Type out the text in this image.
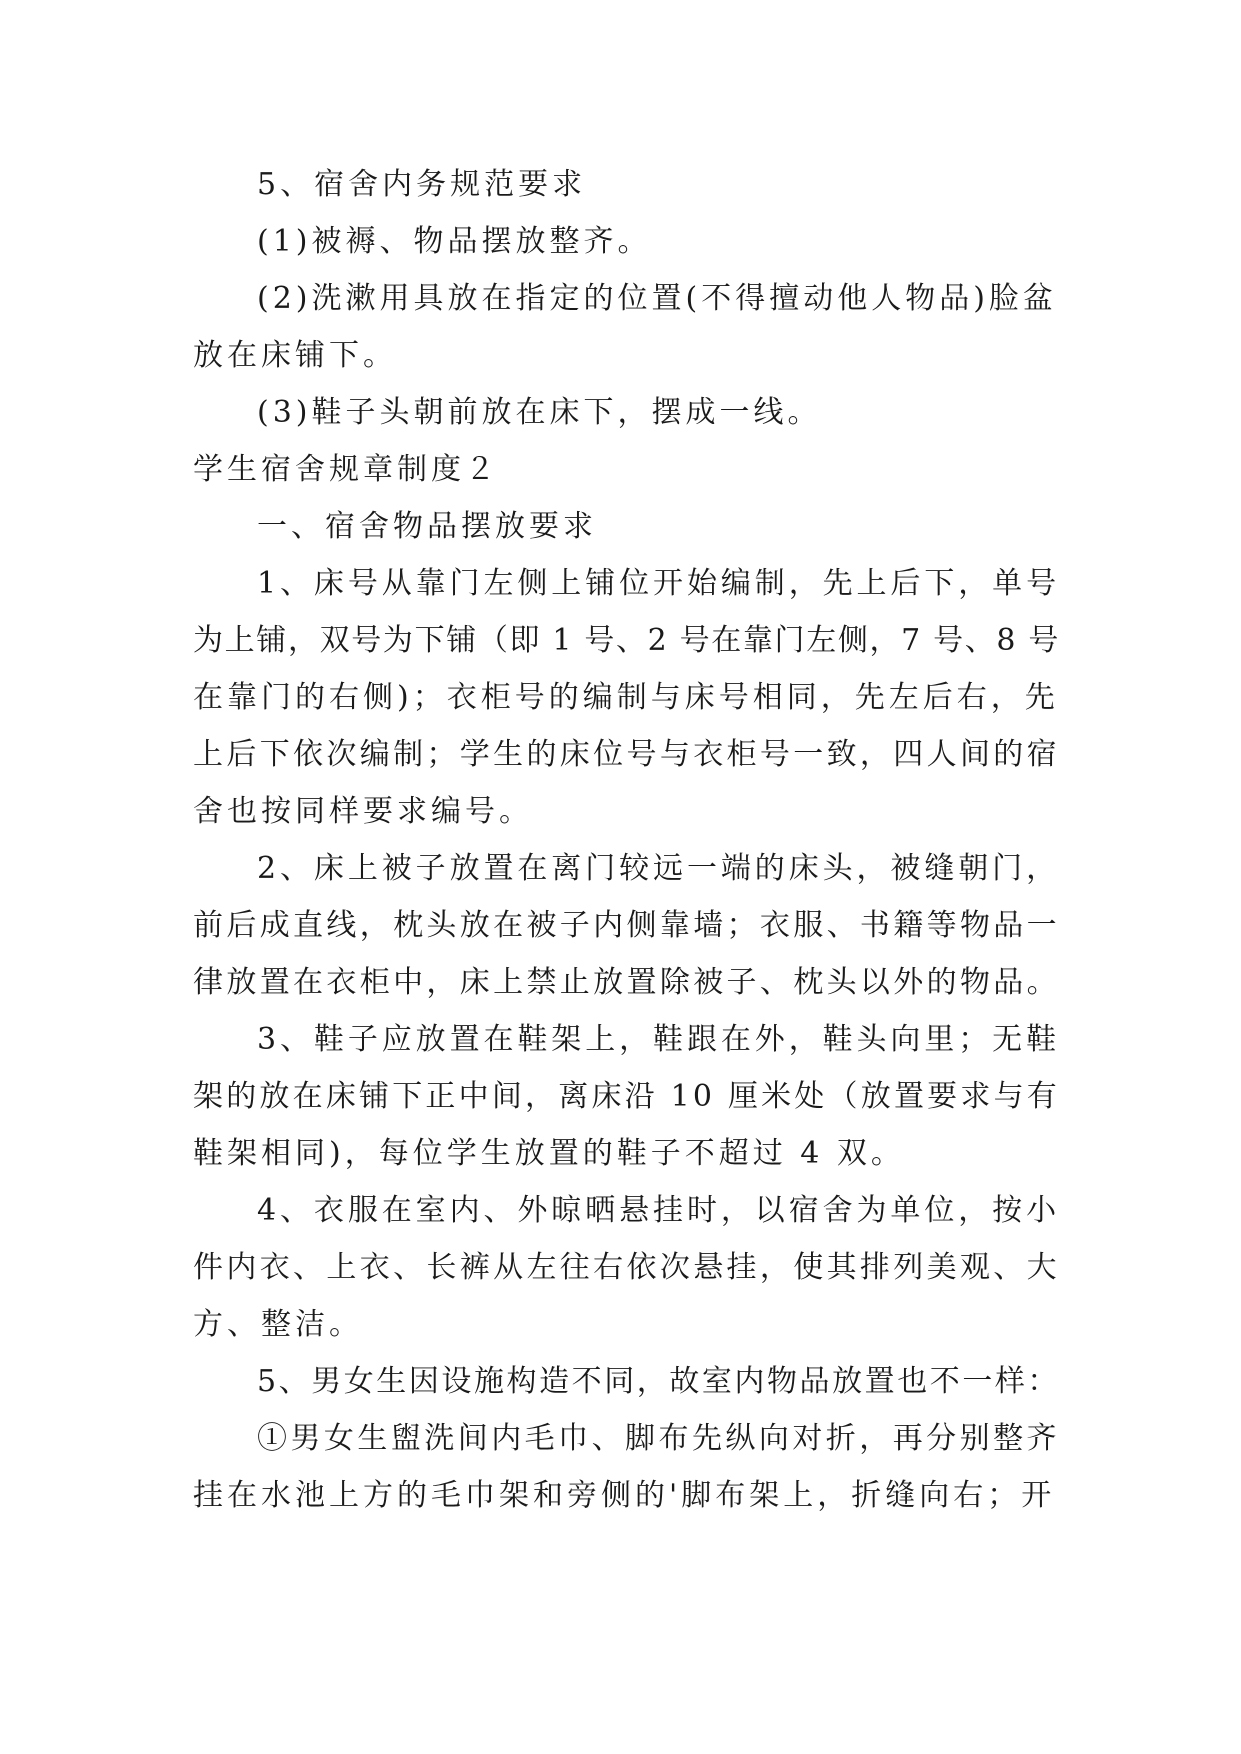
5、宿舍内务规范要求
(1)被褥、物品摆放整齐。
(2)洗漱用具放在指定的位置(不得擅动他人物品)脸盆
放在床铺下。
(3)鞋子头朝前放在床下，摆成一线。
学生宿舍规章制度２
一、宿舍物品摆放要求
1、床号从靠门左侧上铺位开始编制，先上后下，单号
为上铺，双号为下铺（即 1 号、2 号在靠门左侧，7 号、8 号
在靠门的右侧)；衣柜号的编制与床号相同，先左后右，先
上后下依次编制；学生的床位号与衣柜号一致，四人间的宿
舍也按同样要求编号。
2、床上被子放置在离门较远一端的床头，被缝朝门，
前后成直线，枕头放在被子内侧靠墙；衣服、书籍等物品一
律放置在衣柜中，床上禁止放置除被子、枕头以外的物品。
3、鞋子应放置在鞋架上，鞋跟在外，鞋头向里；无鞋
架的放在床铺下正中间，离床沿 10 厘米处（放置要求与有
鞋架相同)，每位学生放置的鞋子不超过 4 双。
4、衣服在室内、外晾晒悬挂时，以宿舍为单位，按小
件内衣、上衣、长裤从左往右依次悬挂，使其排列美观、大
方、整洁。
5、男女生因设施构造不同，故室内物品放置也不一样：
①男女生盥洗间内毛巾、脚布先纵向对折，再分别整齐
挂在水池上方的毛巾架和旁侧的'脚布架上，折缝向右；开
